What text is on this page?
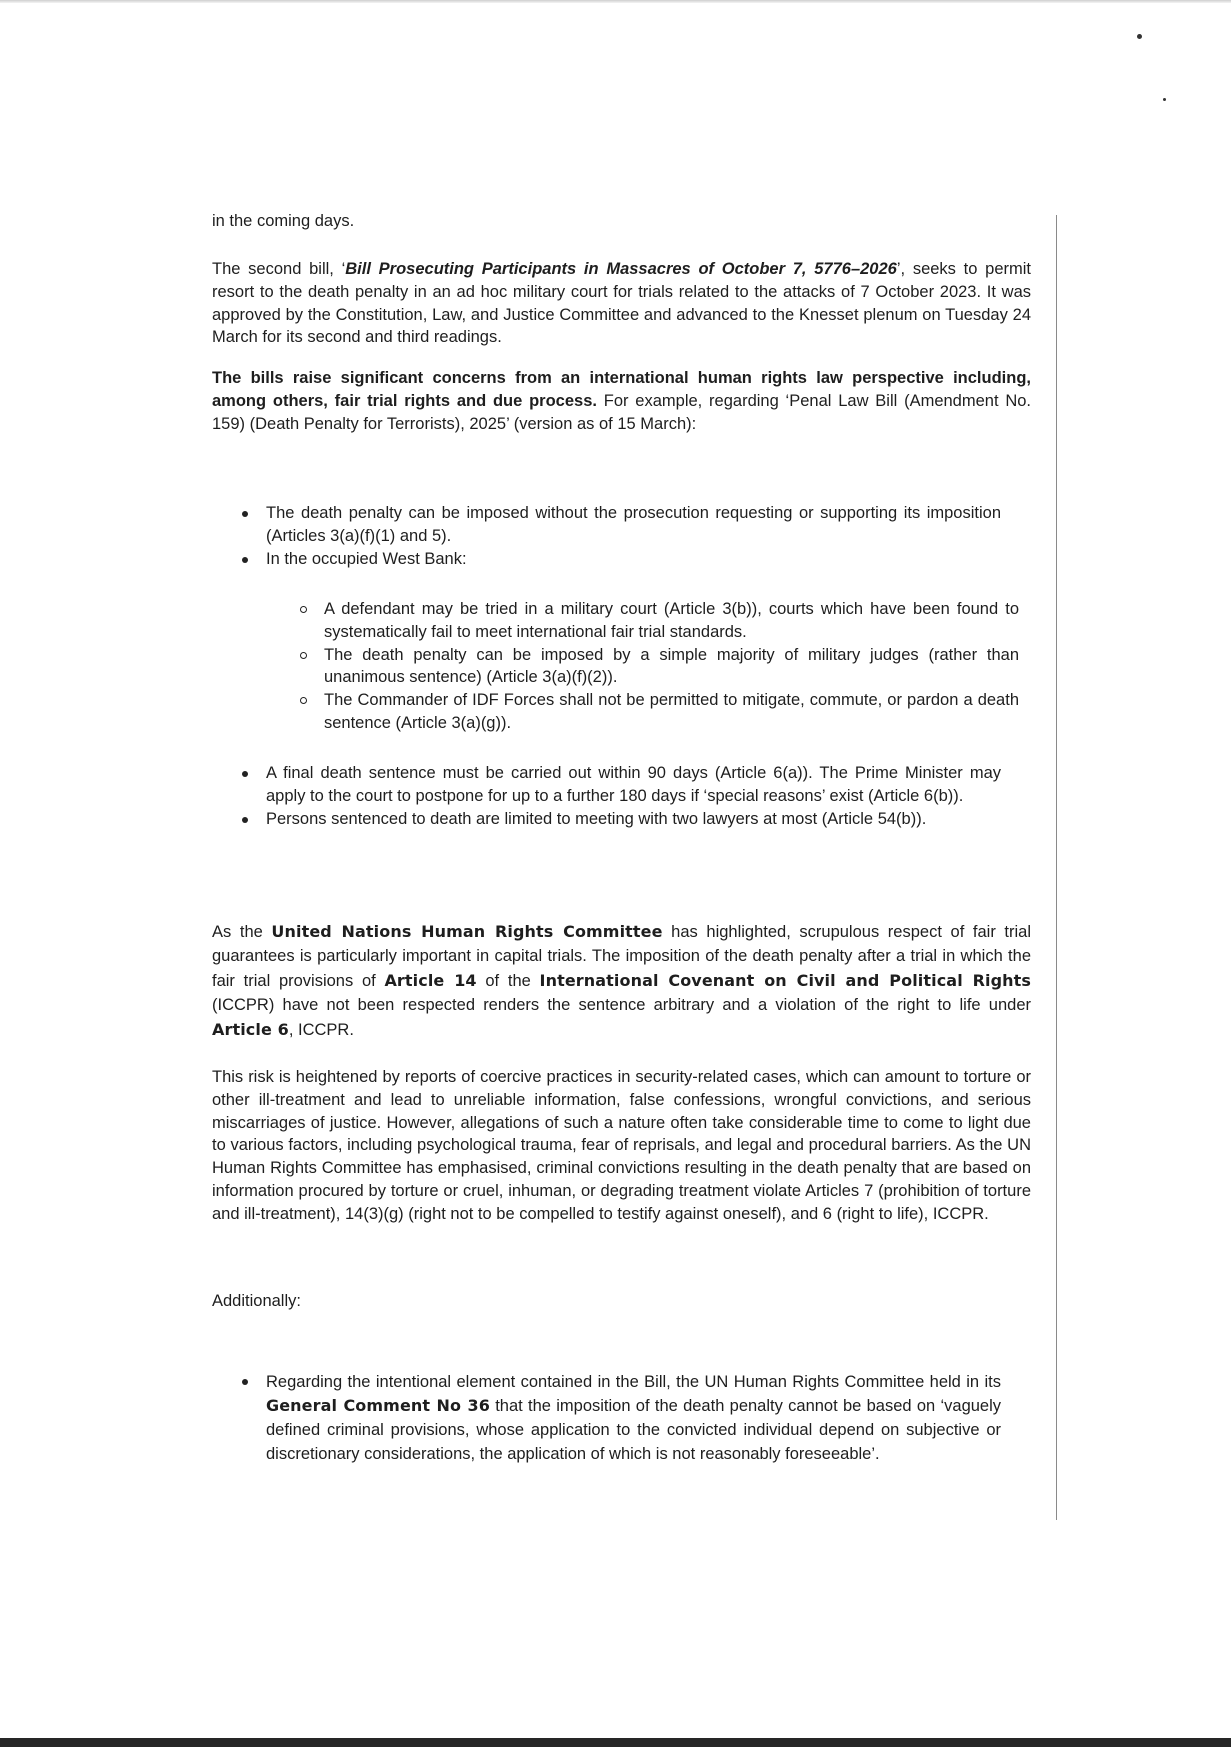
in the coming days.

The second bill, ‘Bill Prosecuting Participants in Massacres of October 7, 5776–2026’, seeks to permit resort to the death penalty in an ad hoc military court for trials related to the attacks of 7 October 2023. It was approved by the Constitution, Law, and Justice Committee and advanced to the Knesset plenum on Tuesday 24 March for its second and third readings.

The bills raise significant concerns from an international human rights law perspective including, among others, fair trial rights and due process. For example, regarding ‘Penal Law Bill (Amendment No. 159) (Death Penalty for Terrorists), 2025’ (version as of 15 March):

The death penalty can be imposed without the prosecution requesting or supporting its imposition (Articles 3(a)(f)(1) and 5).
In the occupied West Bank:
A defendant may be tried in a military court (Article 3(b)), courts which have been found to systematically fail to meet international fair trial standards.
The death penalty can be imposed by a simple majority of military judges (rather than unanimous sentence) (Article 3(a)(f)(2)).
The Commander of IDF Forces shall not be permitted to mitigate, commute, or pardon a death sentence (Article 3(a)(g)).
A final death sentence must be carried out within 90 days (Article 6(a)). The Prime Minister may apply to the court to postpone for up to a further 180 days if ‘special reasons’ exist (Article 6(b)).
Persons sentenced to death are limited to meeting with two lawyers at most (Article 54(b)).

As the United Nations Human Rights Committee has highlighted, scrupulous respect of fair trial guarantees is particularly important in capital trials. The imposition of the death penalty after a trial in which the fair trial provisions of Article 14 of the International Covenant on Civil and Political Rights (ICCPR) have not been respected renders the sentence arbitrary and a violation of the right to life under Article 6, ICCPR.

This risk is heightened by reports of coercive practices in security-related cases, which can amount to torture or other ill-treatment and lead to unreliable information, false confessions, wrongful convictions, and serious miscarriages of justice. However, allegations of such a nature often take considerable time to come to light due to various factors, including psychological trauma, fear of reprisals, and legal and procedural barriers. As the UN Human Rights Committee has emphasised, criminal convictions resulting in the death penalty that are based on information procured by torture or cruel, inhuman, or degrading treatment violate Articles 7 (prohibition of torture and ill-treatment), 14(3)(g) (right not to be compelled to testify against oneself), and 6 (right to life), ICCPR.

Additionally:

Regarding the intentional element contained in the Bill, the UN Human Rights Committee held in its General Comment No 36 that the imposition of the death penalty cannot be based on ‘vaguely defined criminal provisions, whose application to the convicted individual depend on subjective or discretionary considerations, the application of which is not reasonably foreseeable’.
